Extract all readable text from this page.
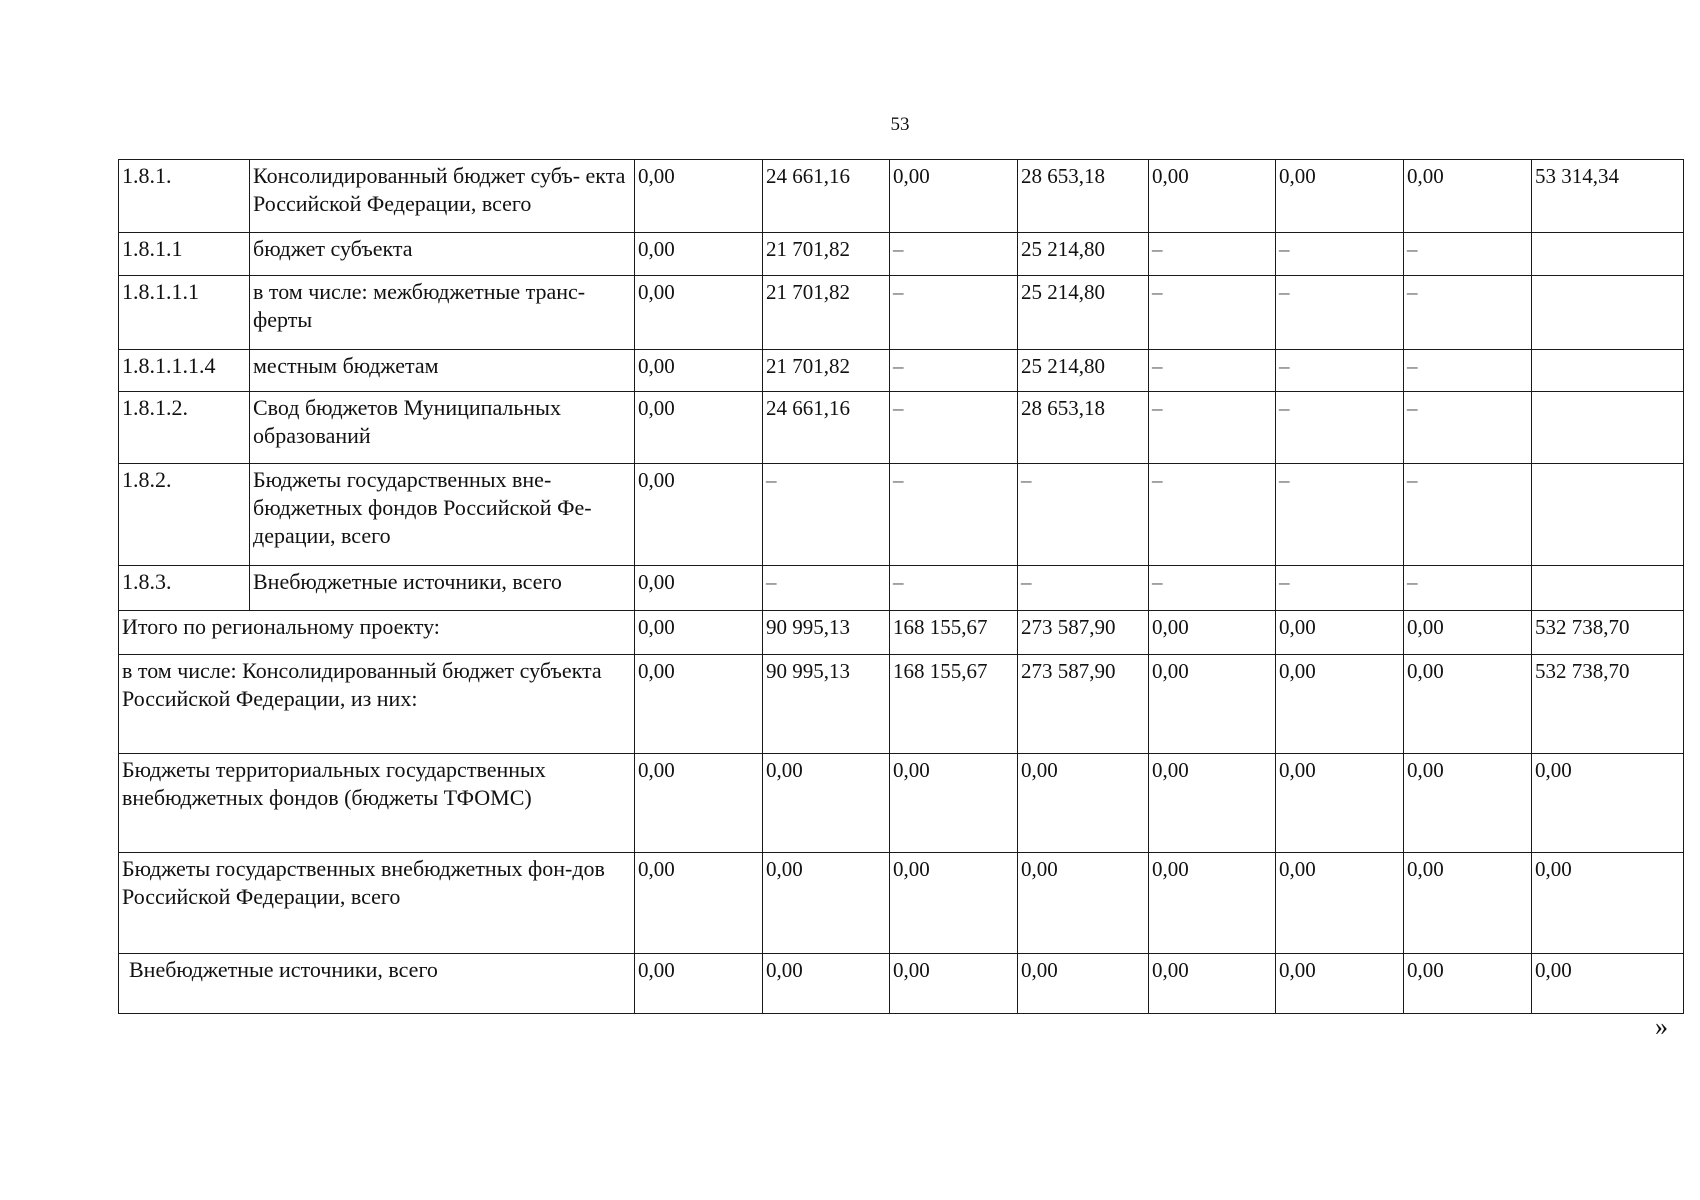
53
1.8.1.	Консолидированный бюджет субъ- екта Российской Федерации, всего	0,00	24 661,16	0,00	28 653,18	0,00	0,00	0,00	53 314,34
1.8.1.1	бюджет субъекта	0,00	21 701,82	–	25 214,80	–	–	–	
1.8.1.1.1	в том числе: межбюджетные транс-ферты	0,00	21 701,82	–	25 214,80	–	–	–	
1.8.1.1.1.4	местным бюджетам	0,00	21 701,82	–	25 214,80	–	–	–	
1.8.1.2.	Свод бюджетов Муниципальных образований	0,00	24 661,16	–	28 653,18	–	–	–	
1.8.2.	Бюджеты государственных вне-бюджетных фондов Российской Фе-дерации, всего	0,00	–	–	–	–	–	–	
1.8.3.	Внебюджетные источники, всего	0,00	–	–	–	–	–	–	
Итого по региональному проекту:		0,00	90 995,13	168 155,67	273 587,90	0,00	0,00	0,00	532 738,70
в том числе: Консолидированный бюджет субъекта Российской Федерации, из них:		0,00	90 995,13	168 155,67	273 587,90	0,00	0,00	0,00	532 738,70
Бюджеты территориальных государственных внебюджетных фондов (бюджеты ТФОМС)		0,00	0,00	0,00	0,00	0,00	0,00	0,00	0,00
Бюджеты государственных внебюджетных фон-дов Российской Федерации, всего		0,00	0,00	0,00	0,00	0,00	0,00	0,00	0,00
Внебюджетные источники, всего		0,00	0,00	0,00	0,00	0,00	0,00	0,00	0,00
»
